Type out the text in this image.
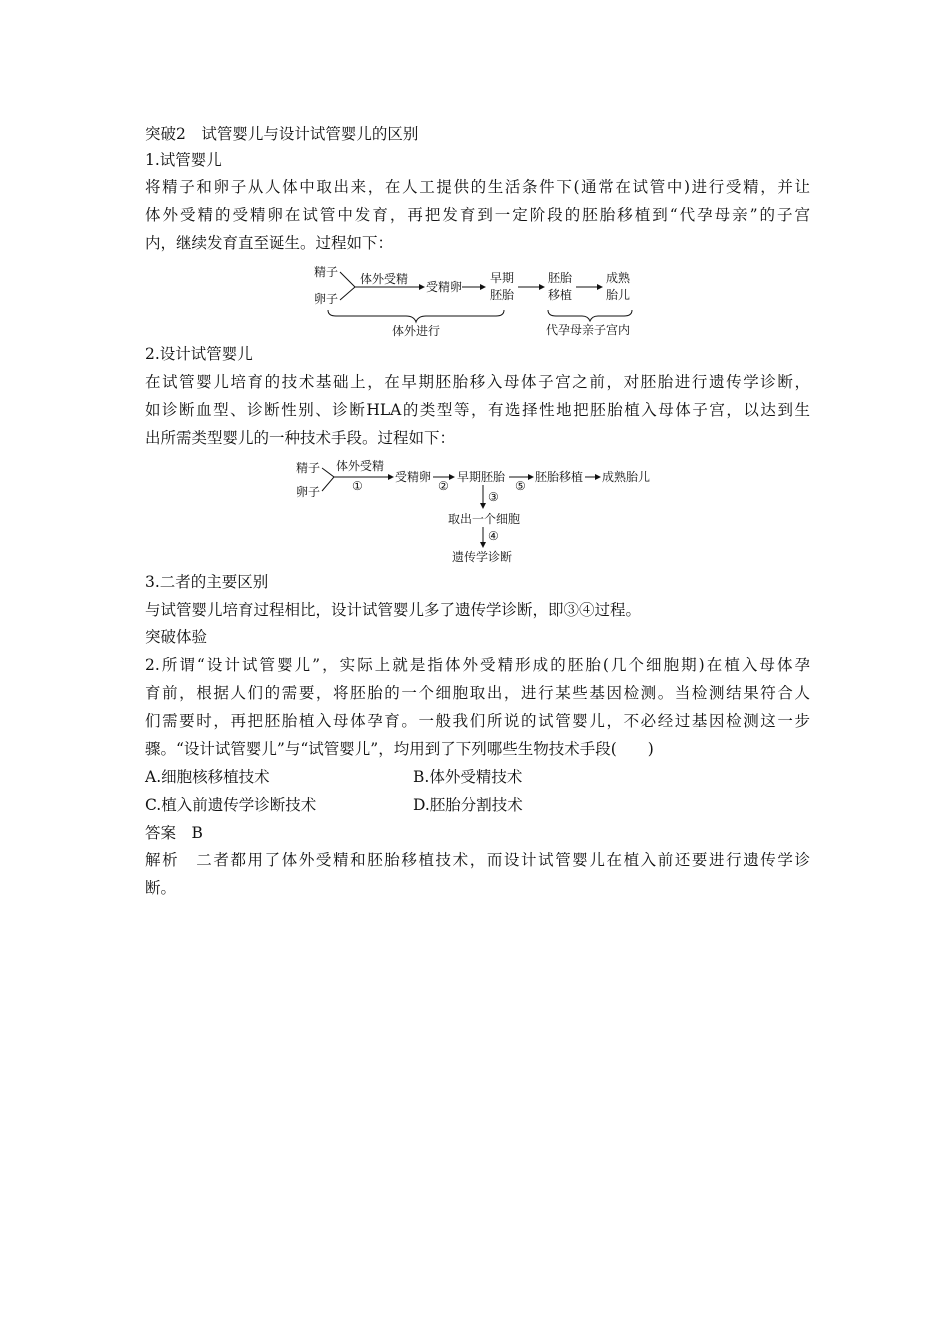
突破2　试管婴儿与设计试管婴儿的区别
1.试管婴儿
将精子和卵子从人体中取出来，在人工提供的生活条件下(通常在试管中)进行受精，并让
体外受精的受精卵在试管中发育，再把发育到一定阶段的胚胎移植到“代孕母亲”的子宫
内，继续发育直至诞生。过程如下：
精子
卵子
体外受精
受精卵
早期
胚胎
胚胎
移植
成熟
胎儿
体外进行	代孕母亲子宫内
2.设计试管婴儿
在试管婴儿培育的技术基础上，在早期胚胎移入母体子宫之前，对胚胎进行遗传学诊断，
如诊断血型、诊断性别、诊断HLA的类型等，有选择性地把胚胎植入母体子宫，以达到生
出所需类型婴儿的一种技术手段。过程如下：
精子
卵子
体外受精
①
受精卵
②
早期胚胎
⑤
胚胎移植 成熟胎儿
③
取出一个细胞
④
遗传学诊断
3.二者的主要区别
与试管婴儿培育过程相比，设计试管婴儿多了遗传学诊断，即③④过程。
突破体验
2.所谓“设计试管婴儿”，实际上就是指体外受精形成的胚胎(几个细胞期)在植入母体孕
育前，根据人们的需要，将胚胎的一个细胞取出，进行某些基因检测。当检测结果符合人
们需要时，再把胚胎植入母体孕育。一般我们所说的试管婴儿，不必经过基因检测这一步
骤。“设计试管婴儿”与“试管婴儿”，均用到了下列哪些生物技术手段(　　)
A.细胞核移植技术	B.体外受精技术
C.植入前遗传学诊断技术	D.胚胎分割技术
答案　B
解析　二者都用了体外受精和胚胎移植技术，而设计试管婴儿在植入前还要进行遗传学诊
断。
